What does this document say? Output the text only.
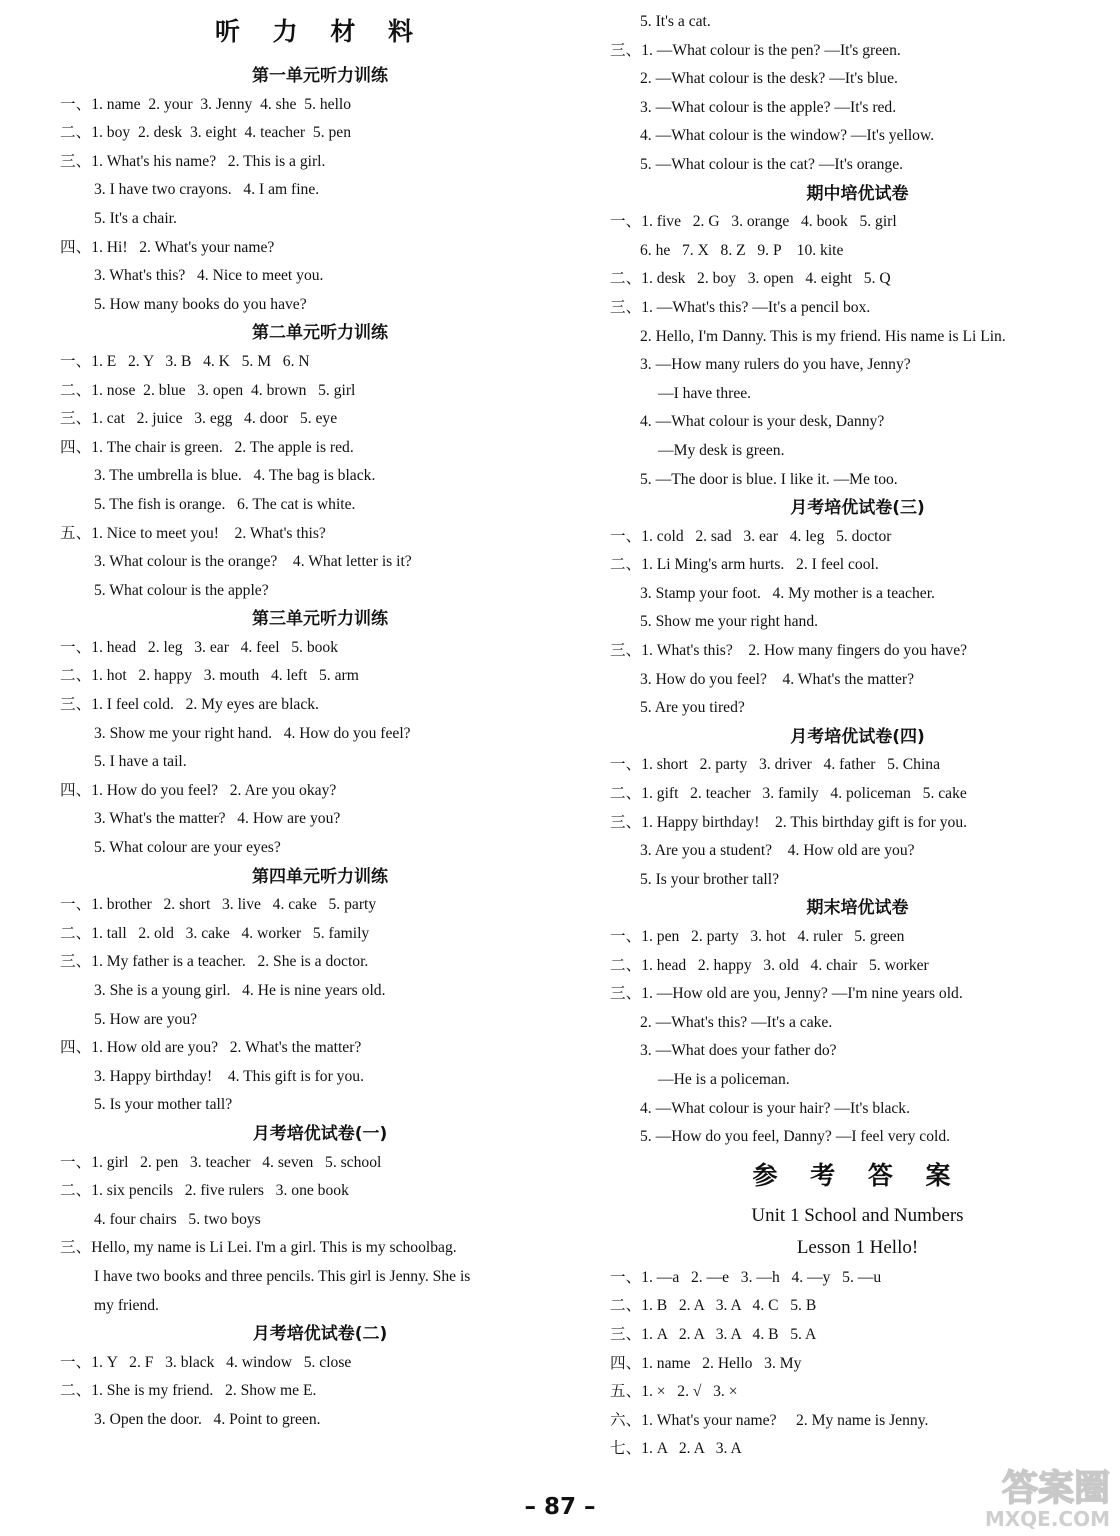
听 力 材 料
第一单元听力训练
一、1. name  2. your  3. Jenny  4. she  5. hello
二、1. boy  2. desk  3. eight  4. teacher  5. pen
三、1. What's his name?   2. This is a girl.
3. I have two crayons.   4. I am fine.
5. It's a chair.
四、1. Hi!   2. What's your name?
3. What's this?   4. Nice to meet you.
5. How many books do you have?
第二单元听力训练
一、1. E   2. Y   3. B   4. K   5. M   6. N
二、1. nose  2. blue   3. open  4. brown   5. girl
三、1. cat   2. juice   3. egg   4. door   5. eye
四、1. The chair is green.   2. The apple is red.
3. The umbrella is blue.   4. The bag is black.
5. The fish is orange.   6. The cat is white.
五、1. Nice to meet you!    2. What's this?
3. What colour is the orange?    4. What letter is it?
5. What colour is the apple?
第三单元听力训练
一、1. head   2. leg   3. ear   4. feel   5. book
二、1. hot   2. happy   3. mouth   4. left   5. arm
三、1. I feel cold.   2. My eyes are black.
3. Show me your right hand.   4. How do you feel?
5. I have a tail.
四、1. How do you feel?   2. Are you okay?
3. What's the matter?   4. How are you?
5. What colour are your eyes?
第四单元听力训练
一、1. brother   2. short   3. live   4. cake   5. party
二、1. tall   2. old   3. cake   4. worker   5. family
三、1. My father is a teacher.   2. She is a doctor.
3. She is a young girl.   4. He is nine years old.
5. How are you?
四、1. How old are you?   2. What's the matter?
3. Happy birthday!    4. This gift is for you.
5. Is your mother tall?
月考培优试卷(一)
一、1. girl   2. pen   3. teacher   4. seven   5. school
二、1. six pencils   2. five rulers   3. one book
4. four chairs   5. two boys
三、Hello, my name is Li Lei. I'm a girl. This is my schoolbag.
I have two books and three pencils. This girl is Jenny. She is
my friend.
月考培优试卷(二)
一、1. Y   2. F   3. black   4. window   5. close
二、1. She is my friend.   2. Show me E.
3. Open the door.   4. Point to green.
5. It's a cat.
三、1. —What colour is the pen? —It's green.
2. —What colour is the desk? —It's blue.
3. —What colour is the apple? —It's red.
4. —What colour is the window? —It's yellow.
5. —What colour is the cat? —It's orange.
期中培优试卷
一、1. five   2. G   3. orange   4. book   5. girl
6. he   7. X   8. Z   9. P    10. kite
二、1. desk   2. boy   3. open   4. eight   5. Q
三、1. —What's this? —It's a pencil box.
2. Hello, I'm Danny. This is my friend. His name is Li Lin.
3. —How many rulers do you have, Jenny?
—I have three.
4. —What colour is your desk, Danny?
—My desk is green.
5. —The door is blue. I like it. —Me too.
月考培优试卷(三)
一、1. cold   2. sad   3. ear   4. leg   5. doctor
二、1. Li Ming's arm hurts.   2. I feel cool.
3. Stamp your foot.   4. My mother is a teacher.
5. Show me your right hand.
三、1. What's this?    2. How many fingers do you have?
3. How do you feel?    4. What's the matter?
5. Are you tired?
月考培优试卷(四)
一、1. short   2. party   3. driver   4. father   5. China
二、1. gift   2. teacher   3. family   4. policeman   5. cake
三、1. Happy birthday!    2. This birthday gift is for you.
3. Are you a student?    4. How old are you?
5. Is your brother tall?
期末培优试卷
一、1. pen   2. party   3. hot   4. ruler   5. green
二、1. head   2. happy   3. old   4. chair   5. worker
三、1. —How old are you, Jenny? —I'm nine years old.
2. —What's this? —It's a cake.
3. —What does your father do?
—He is a policeman.
4. —What colour is your hair? —It's black.
5. —How do you feel, Danny? —I feel very cold.
参 考 答 案
Unit 1 School and Numbers
Lesson 1 Hello!
一、1. —a   2. —e   3. —h   4. —y   5. —u
二、1. B   2. A   3. A   4. C   5. B
三、1. A   2. A   3. A   4. B   5. A
四、1. name   2. Hello   3. My
五、1. ×   2. √   3. ×
六、1. What's your name?     2. My name is Jenny.
七、1. A   2. A   3. A
– 87 –	答案圈
MXQE.COM
